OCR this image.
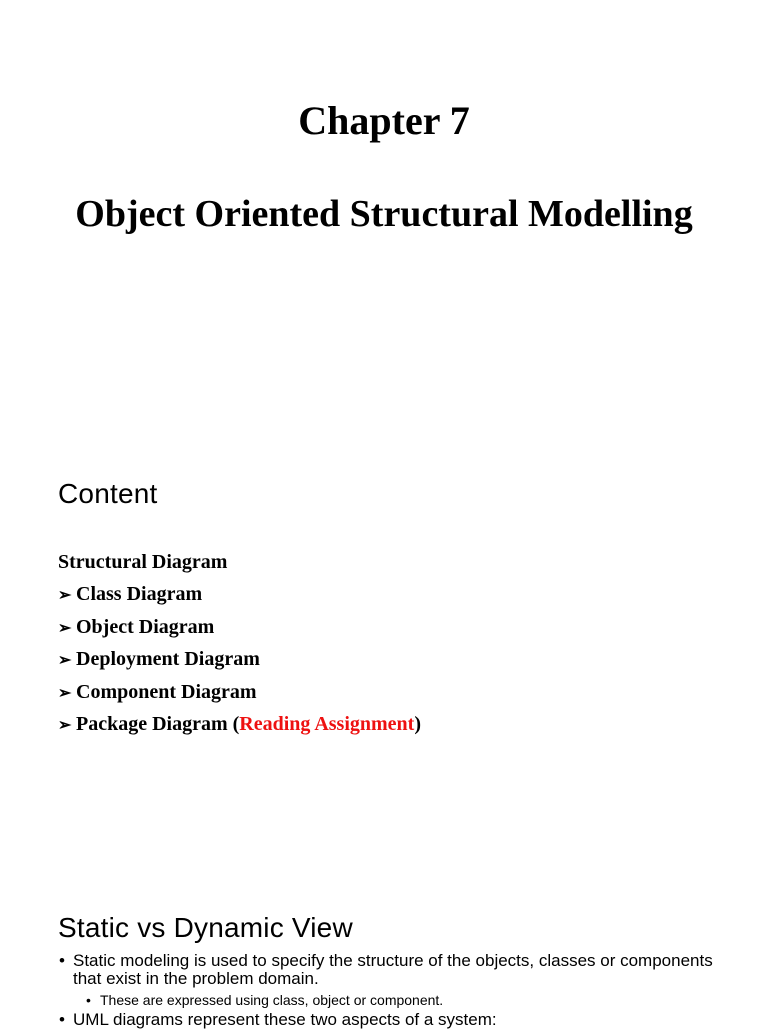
Chapter 7
Object Oriented Structural Modelling
Content
Structural Diagram
➢ Class Diagram
➢ Object Diagram
➢ Deployment Diagram
➢ Component Diagram
➢ Package Diagram (Reading Assignment)
Static vs Dynamic View
• Static modeling is used to specify the structure of the objects, classes or components that exist in the problem domain.
• These are expressed using class, object or component.
• UML diagrams represent these two aspects of a system:
